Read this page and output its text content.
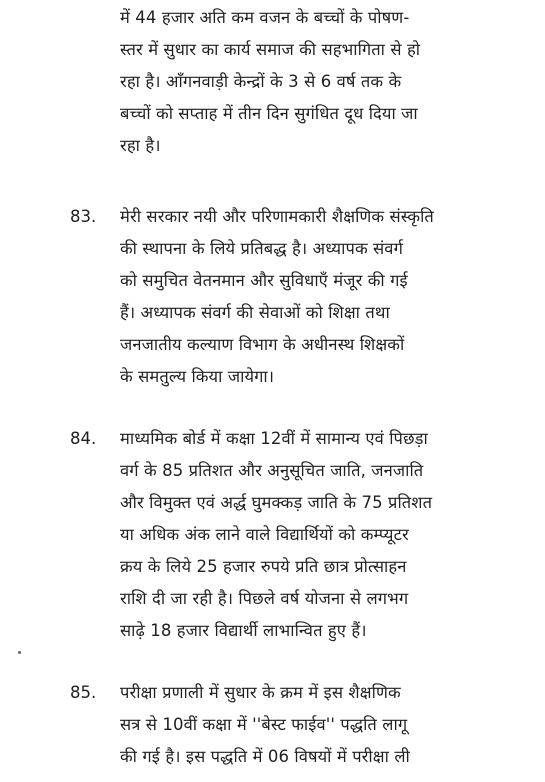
में 44 हजार अति कम वजन के बच्चों के पोषण-
स्तर में सुधार का कार्य समाज की सहभागिता से हो
रहा है। आँगनवाड़ी केन्द्रों के 3 से 6 वर्ष तक के
बच्चों को सप्ताह में तीन दिन सुगंधित दूध दिया जा
रहा है।
83. मेरी सरकार नयी और परिणामकारी शैक्षणिक संस्कृति
की स्थापना के लिये प्रतिबद्ध है। अध्यापक संवर्ग
को समुचित वेतनमान और सुविधाएँ मंजूर की गई
हैं। अध्यापक संवर्ग की सेवाओं को शिक्षा तथा
जनजातीय कल्याण विभाग के अधीनस्थ शिक्षकों
के समतुल्य किया जायेगा।
84. माध्यमिक बोर्ड में कक्षा 12वीं में सामान्य एवं पिछड़ा
वर्ग के 85 प्रतिशत और अनुसूचित जाति, जनजाति
और विमुक्त एवं अर्द्ध घुमक्कड़ जाति के 75 प्रतिशत
या अधिक अंक लाने वाले विद्यार्थियों को कम्प्यूटर
क्रय के लिये 25 हजार रुपये प्रति छात्र प्रोत्साहन
राशि दी जा रही है। पिछले वर्ष योजना से लगभग
साढ़े 18 हजार विद्यार्थी लाभान्वित हुए हैं।
85. परीक्षा प्रणाली में सुधार के क्रम में इस शैक्षणिक
सत्र से 10वीं कक्षा में ''बेस्ट फाईव'' पद्धति लागू
की गई है। इस पद्धति में 06 विषयों में परीक्षा ली
